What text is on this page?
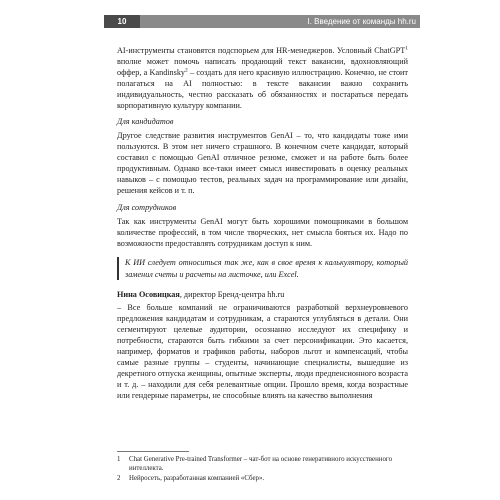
10	I. Введение от команды hh.ru

AI-инструменты становятся подспорьем для HR-менеджеров. Условный ChatGPT$^1$ вполне может помочь написать продающий текст вакансии, вдохновляющий оффер, а Kandinsky$^2$ – создать для него красивую иллюстрацию. Конечно, не стоит полагаться на AI полностью: в тексте вакансии важно сохранить индивидуальность, честно рассказать об обязанностях и постараться передать корпоративную культуру компании.

Для кандидатов

Другое следствие развития инструментов GenAI – то, что кандидаты тоже ими пользуются. В этом нет ничего страшного. В конечном счете кандидат, который составил с помощью GenAI отличное резюме, сможет и на работе быть более продуктивным. Однако все-таки имеет смысл инвестировать в оценку реальных навыков – с помощью тестов, реальных задач на программирование или дизайн, решения кейсов и т. п.

Для сотрудников

Так как инструменты GenAI могут быть хорошими помощниками в большом количестве профессий, в том числе творческих, нет смысла бояться их. Надо по возможности предоставлять сотрудникам доступ к ним.

К ИИ следует относиться так же, как в свое время к калькулятору, который заменил счеты и расчеты на листочке, или Excel.

Нина Осовицкая, директор Бренд-центра hh.ru

– Все больше компаний не ограничиваются разработкой верхнеуровневого предложения кандидатам и сотрудникам, а стараются углубляться в детали. Они сегментируют целевые аудитории, осознанно исследуют их специфику и потребности, стараются быть гибкими за счет персонификации. Это касается, например, форматов и графиков работы, наборов льгот и компенсаций, чтобы самые разные группы – студенты, начинающие специалисты, вышедшие из декретного отпуска женщины, опытные эксперты, люди предпенсионного возраста и т. д. – находили для себя релевантные опции. Прошло время, когда возрастные или гендерные параметры, не способные влиять на качество выполнения

1	Chat Generative Pre-trained Transformer – чат-бот на основе генеративного искусственного интеллекта.
2	Нейросеть, разработанная компанией «Сбер».
